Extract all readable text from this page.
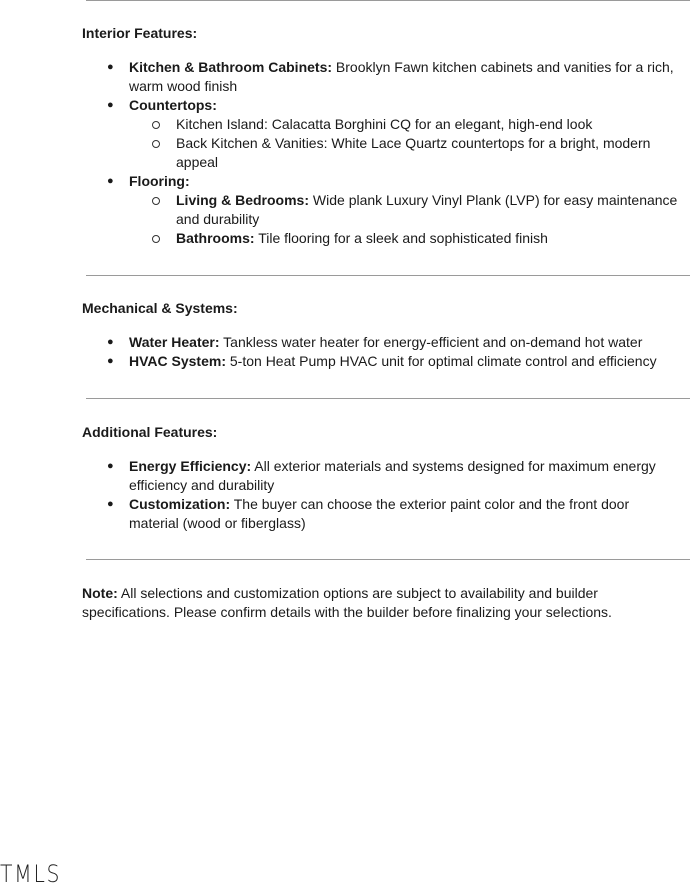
Interior Features:
● Kitchen & Bathroom Cabinets: Brooklyn Fawn kitchen cabinets and vanities for a rich,
warm wood finish
● Countertops:
Kitchen Island: Calacatta Borghini CQ for an elegant, high-end look
Back Kitchen & Vanities: White Lace Quartz countertops for a bright, modern
appeal
● Flooring:
Living & Bedrooms: Wide plank Luxury Vinyl Plank (LVP) for easy maintenance
and durability
Bathrooms: Tile flooring for a sleek and sophisticated finish
Mechanical & Systems:
● Water Heater: Tankless water heater for energy-efficient and on-demand hot water
● HVAC System: 5-ton Heat Pump HVAC unit for optimal climate control and efficiency
Additional Features:
● Energy Efficiency: All exterior materials and systems designed for maximum energy
efficiency and durability
● Customization: The buyer can choose the exterior paint color and the front door
material (wood or fiberglass)
Note: All selections and customization options are subject to availability and builder
specifications. Please confirm details with the builder before finalizing your selections.
TMLS
